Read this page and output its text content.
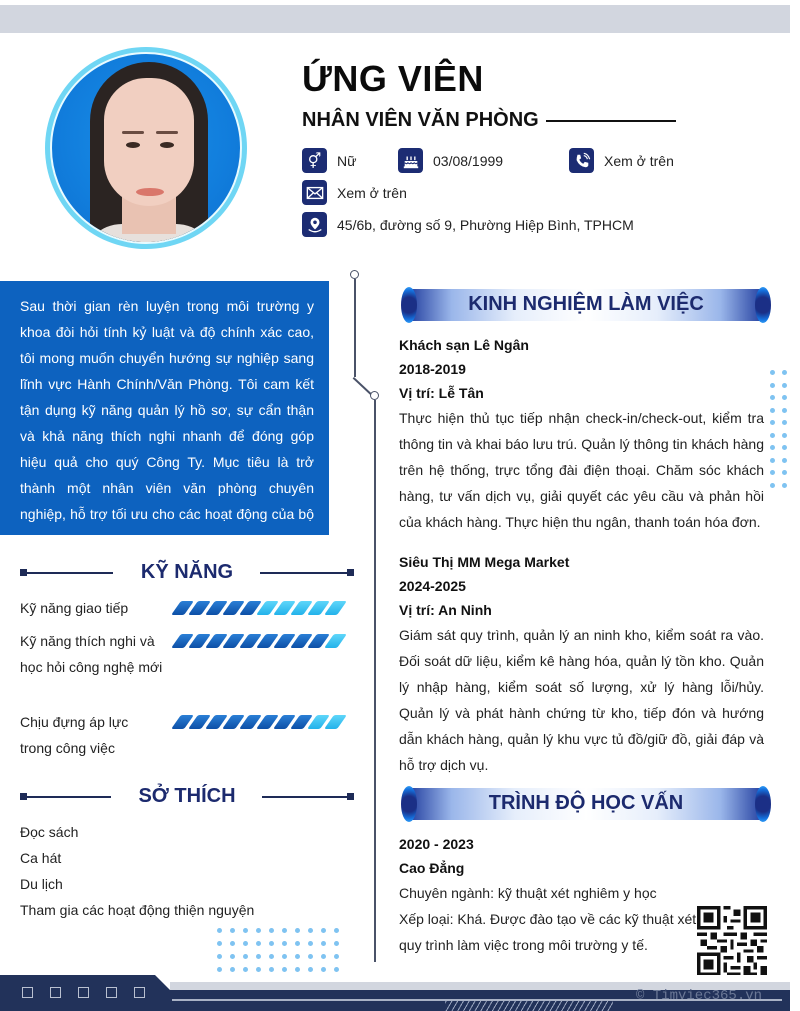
ỨNG VIÊN
NHÂN VIÊN VĂN PHÒNG
⚥	Nữ	03/08/1999	Xem ở trên
Xem ở trên
45/6b, đường số 9, Phường Hiệp Bình, TPHCM
Sau thời gian rèn luyện trong môi trường y khoa đòi hỏi tính kỷ luật và độ chính xác cao, tôi mong muốn chuyển hướng sự nghiệp sang lĩnh vực Hành Chính/Văn Phòng. Tôi cam kết tận dụng kỹ năng quản lý hồ sơ, sự cẩn thận và khả năng thích nghi nhanh để đóng góp hiệu quả cho quý Công Ty. Mục tiêu là trở thành một nhân viên văn phòng chuyên nghiệp, hỗ trợ tối ưu cho các hoạt động của bộ phận.
KỸ NĂNG
Kỹ năng giao tiếp
Kỹ năng thích nghi và học hỏi công nghệ mới
Chịu đựng áp lực trong công việc
SỞ THÍCH
Đọc sách
Ca hát
Du lịch
Tham gia các hoạt động thiện nguyện
KINH NGHIỆM LÀM VIỆC
Khách sạn Lê Ngân
2018-2019
Vị trí: Lễ Tân
Thực hiện thủ tục tiếp nhận check-in/check-out, kiểm tra thông tin và khai báo lưu trú. Quản lý thông tin khách hàng trên hệ thống, trực tổng đài điện thoại. Chăm sóc khách hàng, tư vấn dịch vụ, giải quyết các yêu cầu và phản hồi của khách hàng. Thực hiện thu ngân, thanh toán hóa đơn.
Siêu Thị MM Mega Market
2024-2025
Vị trí: An Ninh
Giám sát quy trình, quản lý an ninh kho, kiểm soát ra vào. Đối soát dữ liệu, kiểm kê hàng hóa, quản lý tồn kho. Quản lý nhập hàng, kiểm soát số lượng, xử lý hàng lỗi/hủy. Quản lý và phát hành chứng từ kho, tiếp đón và hướng dẫn khách hàng, quản lý khu vực tủ đồ/giữ đồ, giải đáp và hỗ trợ dịch vụ.
TRÌNH ĐỘ HỌC VẤN
2020 - 2023
Cao Đẳng
Chuyên ngành: kỹ thuật xét nghiêm y học
Xếp loại: Khá. Được đào tạo về các kỹ thuật xét
quy trình làm việc trong môi trường y tế.
© Timviec365.vn
